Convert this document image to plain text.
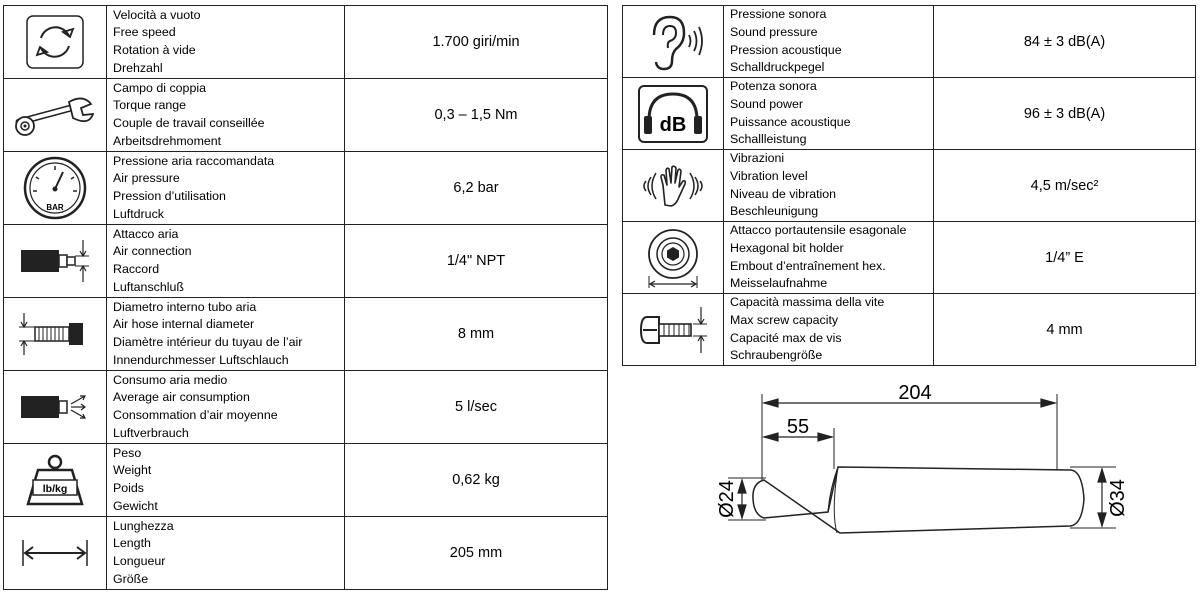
Velocità a vuoto
Free speed
Rotation à vide
Drehzahl	1.700 giri/min

Campo di coppia
Torque range
Couple de travail conseillée
Arbeitsdrehmoment	0,3 – 1,5 Nm

BAR	Pressione aria raccomandata
Air pressure
Pression d’utilisation
Luftdruck	6,2 bar

Attacco aria
Air connection
Raccord
Luftanschluß	1/4" NPT

Diametro interno tubo aria
Air hose internal diameter
Diamètre intérieur du tuyau de l’air
Innendurchmesser Luftschlauch	8 mm

Consumo aria medio
Average air consumption
Consommation d’air moyenne
Luftverbrauch	5 l/sec

lb/kg	Peso
Weight
Poids
Gewicht	0,62 kg

Lunghezza
Length
Longueur
Größe	205 mm

Pressione sonora
Sound pressure
Pression acoustique
Schalldruckpegel	84 ± 3 dB(A)

dB	Potenza sonora
Sound power
Puissance acoustique
Schallleistung	96 ± 3 dB(A)

Vibrazioni
Vibration level
Niveau de vibration
Beschleunigung	4,5 m/sec²

Attacco portautensile esagonale
Hexagonal bit holder
Embout d’entraînement hex.
Meisselaufnahme	1/4” E

Capacità massima della vite
Max screw capacity
Capacité max de vis
Schraubengröße	4 mm
204
55
Ø24	Ø34
